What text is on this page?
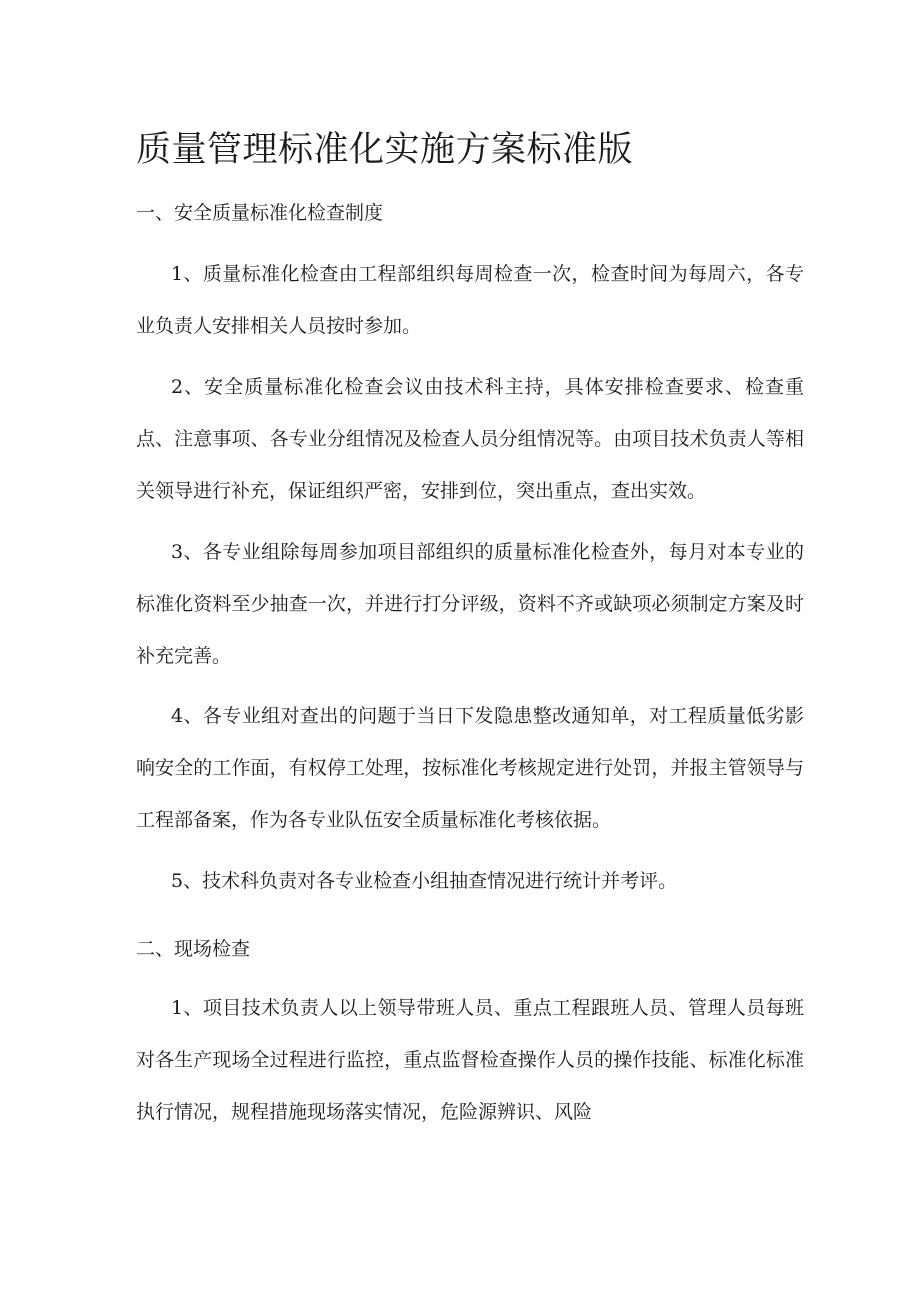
质量管理标准化实施方案标准版
一、安全质量标准化检查制度

1、质量标准化检查由工程部组织每周检查一次，检查时间为每周六，各专业负责人安排相关人员按时参加。

2、安全质量标准化检查会议由技术科主持，具体安排检查要求、检查重点、注意事项、各专业分组情况及检查人员分组情况等。由项目技术负责人等相关领导进行补充，保证组织严密，安排到位，突出重点，查出实效。

3、各专业组除每周参加项目部组织的质量标准化检查外，每月对本专业的标准化资料至少抽查一次，并进行打分评级，资料不齐或缺项必须制定方案及时补充完善。

4、各专业组对查出的问题于当日下发隐患整改通知单，对工程质量低劣影响安全的工作面，有权停工处理，按标准化考核规定进行处罚，并报主管领导与工程部备案，作为各专业队伍安全质量标准化考核依据。

5、技术科负责对各专业检查小组抽查情况进行统计并考评。

二、现场检查

1、项目技术负责人以上领导带班人员、重点工程跟班人员、管理人员每班对各生产现场全过程进行监控，重点监督检查操作人员的操作技能、标准化标准执行情况，规程措施现场落实情况，危险源辨识、风险
